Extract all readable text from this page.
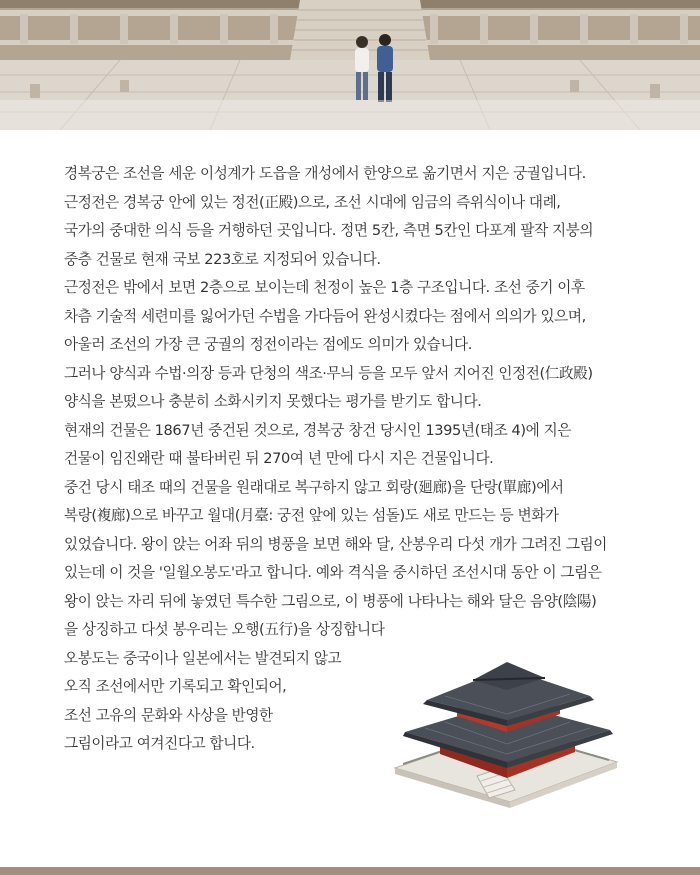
경복궁은 조선을 세운 이성계가 도읍을 개성에서 한양으로 옮기면서 지은 궁궐입니다.

근정전은 경복궁 안에 있는 정전(正殿)으로, 조선 시대에 임금의 즉위식이나 대례,

국가의 중대한 의식 등을 거행하던 곳입니다. 정면 5칸, 측면 5칸인 다포계 팔작 지붕의

중층 건물로 현재 국보 223호로 지정되어 있습니다.

근정전은 밖에서 보면 2층으로 보이는데 천정이 높은 1층 구조입니다. 조선 중기 이후

차츰 기술적 세련미를 잃어가던 수법을 가다듬어 완성시켰다는 점에서 의의가 있으며,

아울러 조선의 가장 큰 궁궐의 정전이라는 점에도 의미가 있습니다.

그러나 양식과 수법·의장 등과 단청의 색조·무늬 등을 모두 앞서 지어진 인정전(仁政殿)

양식을 본떴으나 충분히 소화시키지 못했다는 평가를 받기도 합니다.

현재의 건물은 1867년 중건된 것으로, 경복궁 창건 당시인 1395년(태조 4)에 지은

건물이 임진왜란 때 불타버린 뒤 270여 년 만에 다시 지은 건물입니다.

중건 당시 태조 때의 건물을 원래대로 복구하지 않고 회랑(廻廊)을 단랑(單廊)에서

복랑(複廊)으로 바꾸고 월대(月臺: 궁전 앞에 있는 섬돌)도 새로 만드는 등 변화가

있었습니다. 왕이 앉는 어좌 뒤의 병풍을 보면 해와 달, 산봉우리 다섯 개가 그려진 그림이

있는데 이 것을 '일월오봉도'라고 합니다. 예와 격식을 중시하던 조선시대 동안 이 그림은

왕이 앉는 자리 뒤에 놓였던 특수한 그림으로, 이 병풍에 나타나는 해와 달은 음양(陰陽)

을 상징하고 다섯 봉우리는 오행(五行)을 상징합니다

오봉도는 중국이나 일본에서는 발견되지 않고

오직 조선에서만 기록되고 확인되어,

조선 고유의 문화와 사상을 반영한

그림이라고 여겨진다고 합니다.
